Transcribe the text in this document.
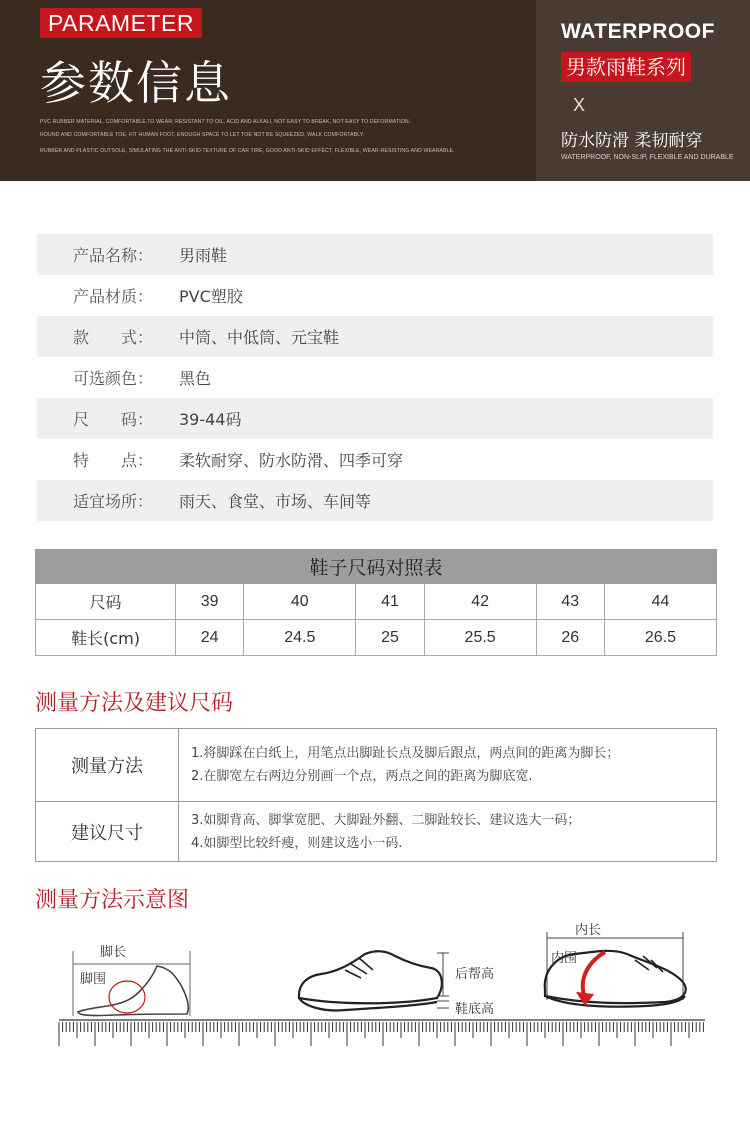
PARAMETER
参数信息
PVC RUBBER MATERIAL, COMFORTABLE TO WEAR; RESISTANT TO OIL, ACID AND ALKALI, NOT EASY TO BREAK, NOT EASY TO DEFORMATION.
ROUND AND COMFORTABLE TOE, FIT HUMAN FOOT, ENOUGH SPACE TO LET TOE NOT BE SQUEEZED, WALK COMFORTABLY.
RUBBER AND PLASTIC OUTSOLE, SIMULATING THE ANTI-SKID TEXTURE OF CAR TIRE, GOOD ANTI-SKID EFFECT, FLEXIBLE, WEAR-RESISTING AND WEARABLE.
WATERPROOF
男款雨鞋系列
X
防水防滑 柔韧耐穿
WATERPROOF, NON-SLIP, FLEXIBLE AND DURABLE
产品名称：	男雨鞋
产品材质：	PVC塑胶
款　　式：	中筒、中低筒、元宝鞋
可选颜色：	黑色
尺　　码：	39-44码
特　　点：	柔软耐穿、防水防滑、四季可穿
适宜场所：	雨天、食堂、市场、车间等
鞋子尺码对照表						
尺码	39	40	41	42	43	44
鞋长(cm)	24	24.5	25	25.5	26	26.5
测量方法及建议尺码
测量方法	1.将脚踩在白纸上，用笔点出脚趾长点及脚后跟点，两点间的距离为脚长；
2.在脚宽左右两边分别画一个点，两点之间的距离为脚底宽.

建议尺寸	3.如脚背高、脚掌宽肥、大脚趾外翻、二脚趾较长、建议选大一码；
4.如脚型比较纤瘦，则建议选小一码.
测量方法示意图
脚长
脚围	后帮高
鞋底高
内长
内围
